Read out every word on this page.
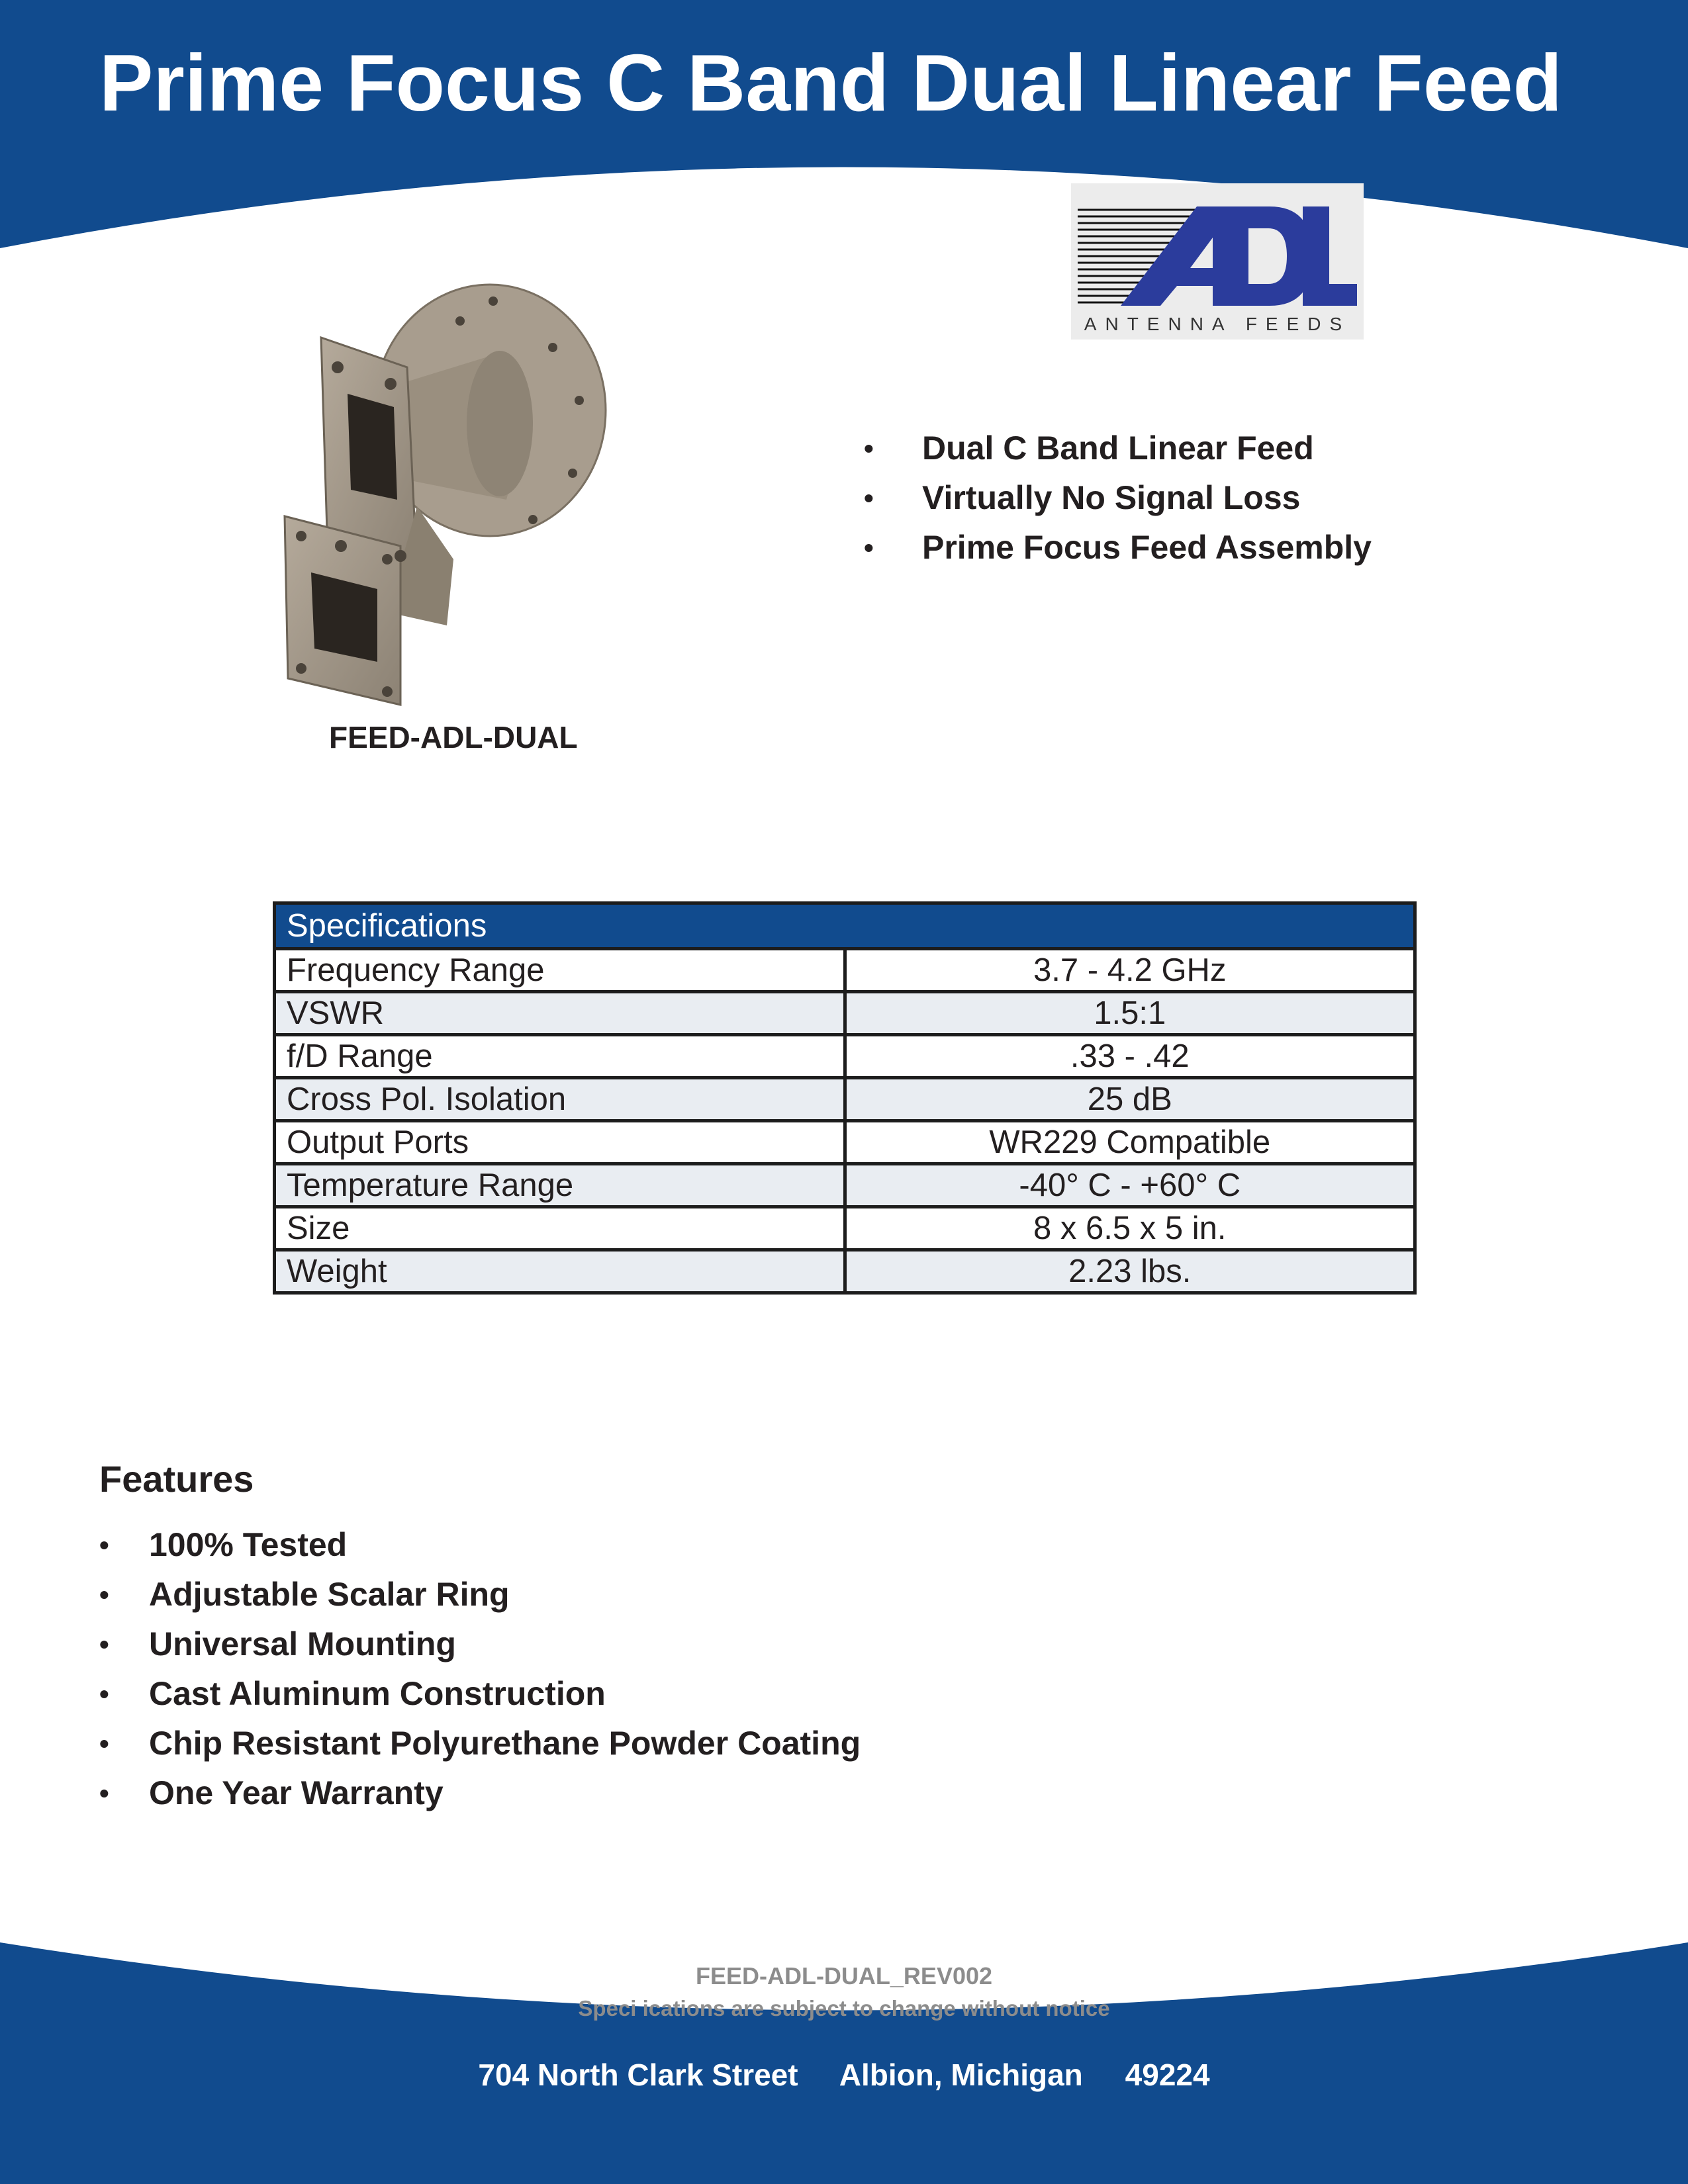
Prime Focus C Band Dual Linear Feed
ANTENNA FEEDS
FEED-ADL-DUAL
• Dual C Band Linear Feed
• Virtually No Signal Loss
• Prime Focus Feed Assembly
Specifications	
Frequency Range	3.7 - 4.2 GHz
VSWR	1.5:1
f/D Range	.33 - .42
Cross Pol. Isolation	25 dB
Output Ports	WR229 Compatible
Temperature Range	-40° C - +60° C
Size	8 x 6.5 x 5 in.
Weight	2.23 lbs.
Features
• 100% Tested
• Adjustable Scalar Ring
• Universal Mounting
• Cast Aluminum Construction
• Chip Resistant Polyurethane Powder Coating
• One Year Warranty
FEED-ADL-DUAL_REV002
Speci ications are subject to change without notice
704 North Clark Street     Albion, Michigan     49224
